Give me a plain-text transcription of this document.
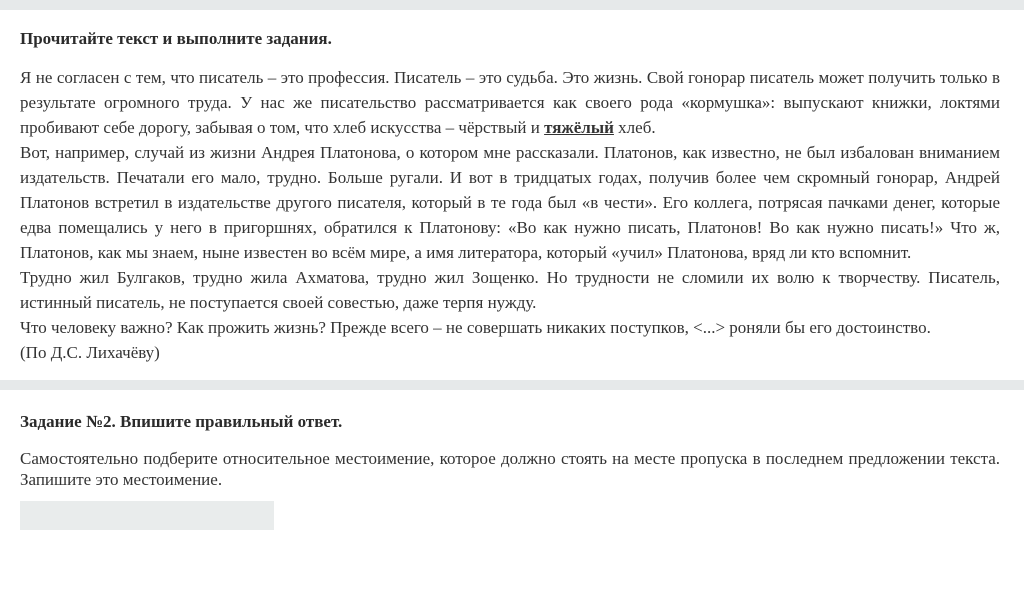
Прочитайте текст и выполните задания.

Я не согласен с тем, что писатель – это профессия. Писатель – это судьба. Это жизнь. Свой гонорар писатель может получить только в результате огромного труда. У нас же писательство рассматривается как своего рода «кормушка»: выпускают книжки, локтями пробивают себе дорогу, забывая о том, что хлеб искусства – чёрствый и тяжёлый хлеб.

Вот, например, случай из жизни Андрея Платонова, о котором мне рассказали. Платонов, как известно, не был избалован вниманием издательств. Печатали его мало, трудно. Больше ругали. И вот в тридцатых годах, получив более чем скромный гонорар, Андрей Платонов встретил в издательстве другого писателя, который в те года был «в чести». Его коллега, потрясая пачками денег, которые едва помещались у него в пригоршнях, обратился к Платонову: «Во как нужно писать, Платонов! Во как нужно писать!» Что ж, Платонов, как мы знаем, ныне известен во всём мире, а имя литератора, который «учил» Платонова, вряд ли кто вспомнит.

Трудно жил Булгаков, трудно жила Ахматова, трудно жил Зощенко. Но трудности не сломили их волю к творчеству. Писатель, истинный писатель, не поступается своей совестью, даже терпя нужду.

Что человеку важно? Как прожить жизнь? Прежде всего – не совершать никаких поступков, <...> роняли бы его достоинство.

(По Д.С. Лихачёву)

Задание №2. Впишите правильный ответ.
Самостоятельно подберите относительное местоимение, которое должно стоять на месте пропуска в последнем предложении текста. Запишите это местоимение.
